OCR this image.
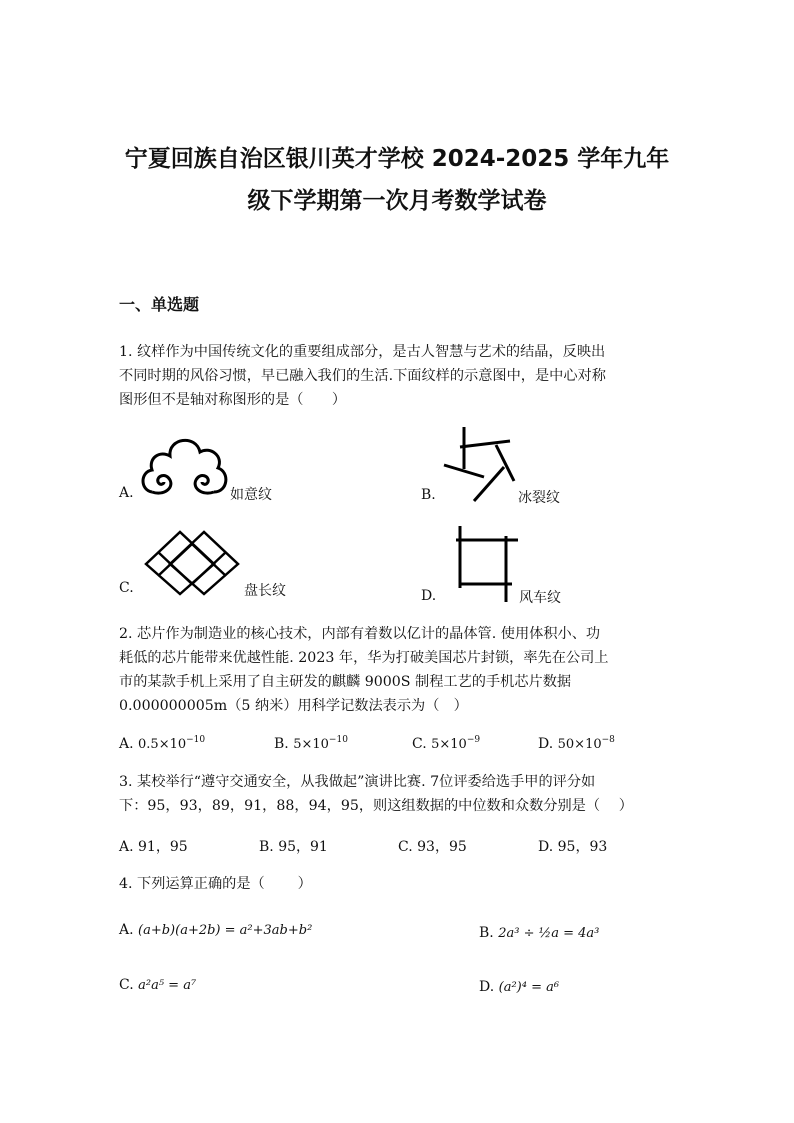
宁夏回族自治区银川英才学校 2024-2025 学年九年
级下学期第一次月考数学试卷
一、单选题
1. 纹样作为中国传统文化的重要组成部分，是古人智慧与艺术的结晶，反映出
不同时期的风俗习惯，早已融入我们的生活.下面纹样的示意图中，是中心对称
图形但不是轴对称图形的是（　　）
A.	如意纹	B.	冰裂纹
C.	盘长纹	D.	风车纹
2. 芯片作为制造业的核心技术，内部有着数以亿计的晶体管. 使用体积小、功
耗低的芯片能带来优越性能. 2023 年，华为打破美国芯片封锁，率先在公司上
市的某款手机上采用了自主研发的麒麟 9000S 制程工艺的手机芯片数据
0.000000005m（5 纳米）用科学记数法表示为（　）
A. $0.5\times 10^{-10}$	B. $5\times 10^{-10}$	C. $5\times 10^{-9}$	D. $50\times 10^{-8}$
3. 某校举行“遵守交通安全，从我做起”演讲比赛. 7位评委给选手甲的评分如
下：95，93，89，91，88，94，95，则这组数据的中位数和众数分别是（　 ）
A. 91，95	B. 95，91	C. 93，95	D. 95，93
4. 下列运算正确的是（　　 ）
A. (a+b)(a+2b) = a²+3ab+b²	B. 2a³ ÷ ½a = 4a³
C. a²a⁵ = a⁷	D. (a²)⁴ = a⁶
